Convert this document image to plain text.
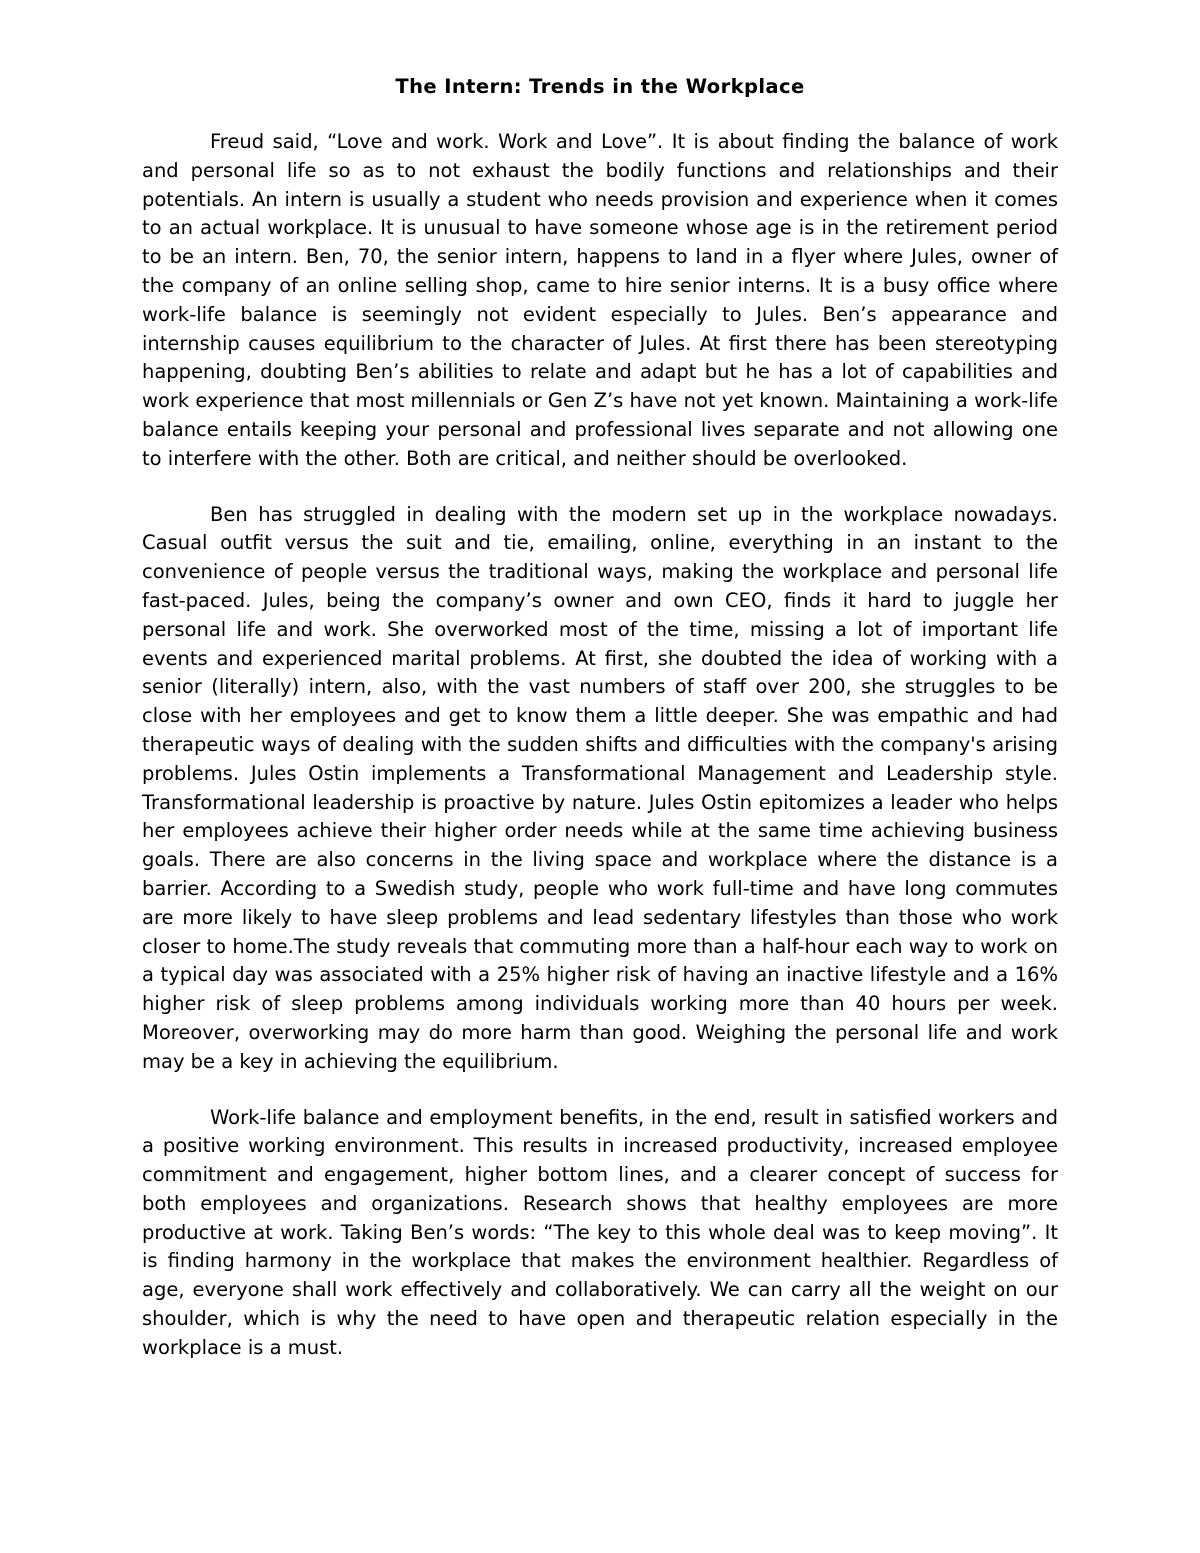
The Intern: Trends in the Workplace

Freud said, “Love and work. Work and Love”. It is about finding the balance of work and personal life so as to not exhaust the bodily functions and relationships and their potentials. An intern is usually a student who needs provision and experience when it comes to an actual workplace. It is unusual to have someone whose age is in the retirement period to be an intern. Ben, 70, the senior intern, happens to land in a flyer where Jules, owner of the company of an online selling shop, came to hire senior interns. It is a busy office where work-life balance is seemingly not evident especially to Jules. Ben’s appearance and internship causes equilibrium to the character of Jules. At first there has been stereotyping happening, doubting Ben’s abilities to relate and adapt but he has a lot of capabilities and work experience that most millennials or Gen Z’s have not yet known. Maintaining a work-life balance entails keeping your personal and professional lives separate and not allowing one to interfere with the other. Both are critical, and neither should be overlooked.

Ben has struggled in dealing with the modern set up in the workplace nowadays. Casual outfit versus the suit and tie, emailing, online, everything in an instant to the convenience of people versus the traditional ways, making the workplace and personal life fast-paced. Jules, being the company’s owner and own CEO, finds it hard to juggle her personal life and work. She overworked most of the time, missing a lot of important life events and experienced marital problems. At first, she doubted the idea of working with a senior (literally) intern, also, with the vast numbers of staff over 200, she struggles to be close with her employees and get to know them a little deeper. She was empathic and had therapeutic ways of dealing with the sudden shifts and difficulties with the company's arising problems. Jules Ostin implements a Transformational Management and Leadership style. Transformational leadership is proactive by nature. Jules Ostin epitomizes a leader who helps her employees achieve their higher order needs while at the same time achieving business goals. There are also concerns in the living space and workplace where the distance is a barrier. According to a Swedish study, people who work full-time and have long commutes are more likely to have sleep problems and lead sedentary lifestyles than those who work closer to home.The study reveals that commuting more than a half-hour each way to work on a typical day was associated with a 25% higher risk of having an inactive lifestyle and a 16% higher risk of sleep problems among individuals working more than 40 hours per week. Moreover, overworking may do more harm than good. Weighing the personal life and work may be a key in achieving the equilibrium.

Work-life balance and employment benefits, in the end, result in satisfied workers and a positive working environment. This results in increased productivity, increased employee commitment and engagement, higher bottom lines, and a clearer concept of success for both employees and organizations. Research shows that healthy employees are more productive at work. Taking Ben’s words: “The key to this whole deal was to keep moving”. It is finding harmony in the workplace that makes the environment healthier. Regardless of age, everyone shall work effectively and collaboratively. We can carry all the weight on our shoulder, which is why the need to have open and therapeutic relation especially in the workplace is a must.
